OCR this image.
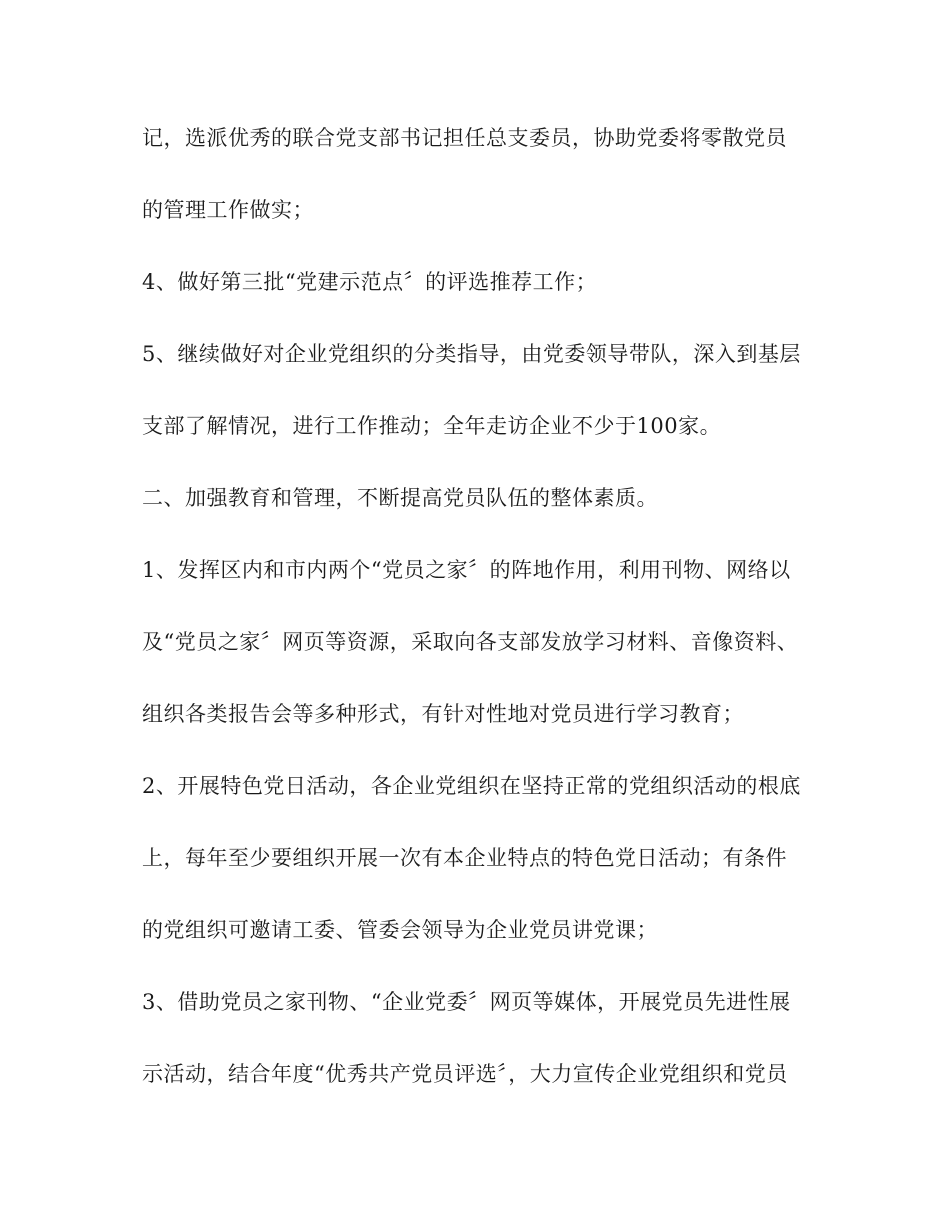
记，选派优秀的联合党支部书记担任总支委员，协助党委将零散党员
的管理工作做实；
4、做好第三批“党建示范点〞的评选推荐工作；
5、继续做好对企业党组织的分类指导，由党委领导带队，深入到基层
支部了解情况，进行工作推动；全年走访企业不少于100家。
二、加强教育和管理，不断提高党员队伍的整体素质。
1、发挥区内和市内两个“党员之家〞的阵地作用，利用刊物、网络以
及“党员之家〞网页等资源，采取向各支部发放学习材料、音像资料、
组织各类报告会等多种形式，有针对性地对党员进行学习教育；
2、开展特色党日活动，各企业党组织在坚持正常的党组织活动的根底
上，每年至少要组织开展一次有本企业特点的特色党日活动；有条件
的党组织可邀请工委、管委会领导为企业党员讲党课；
3、借助党员之家刊物、“企业党委〞网页等媒体，开展党员先进性展
示活动，结合年度“优秀共产党员评选〞，大力宣传企业党组织和党员
